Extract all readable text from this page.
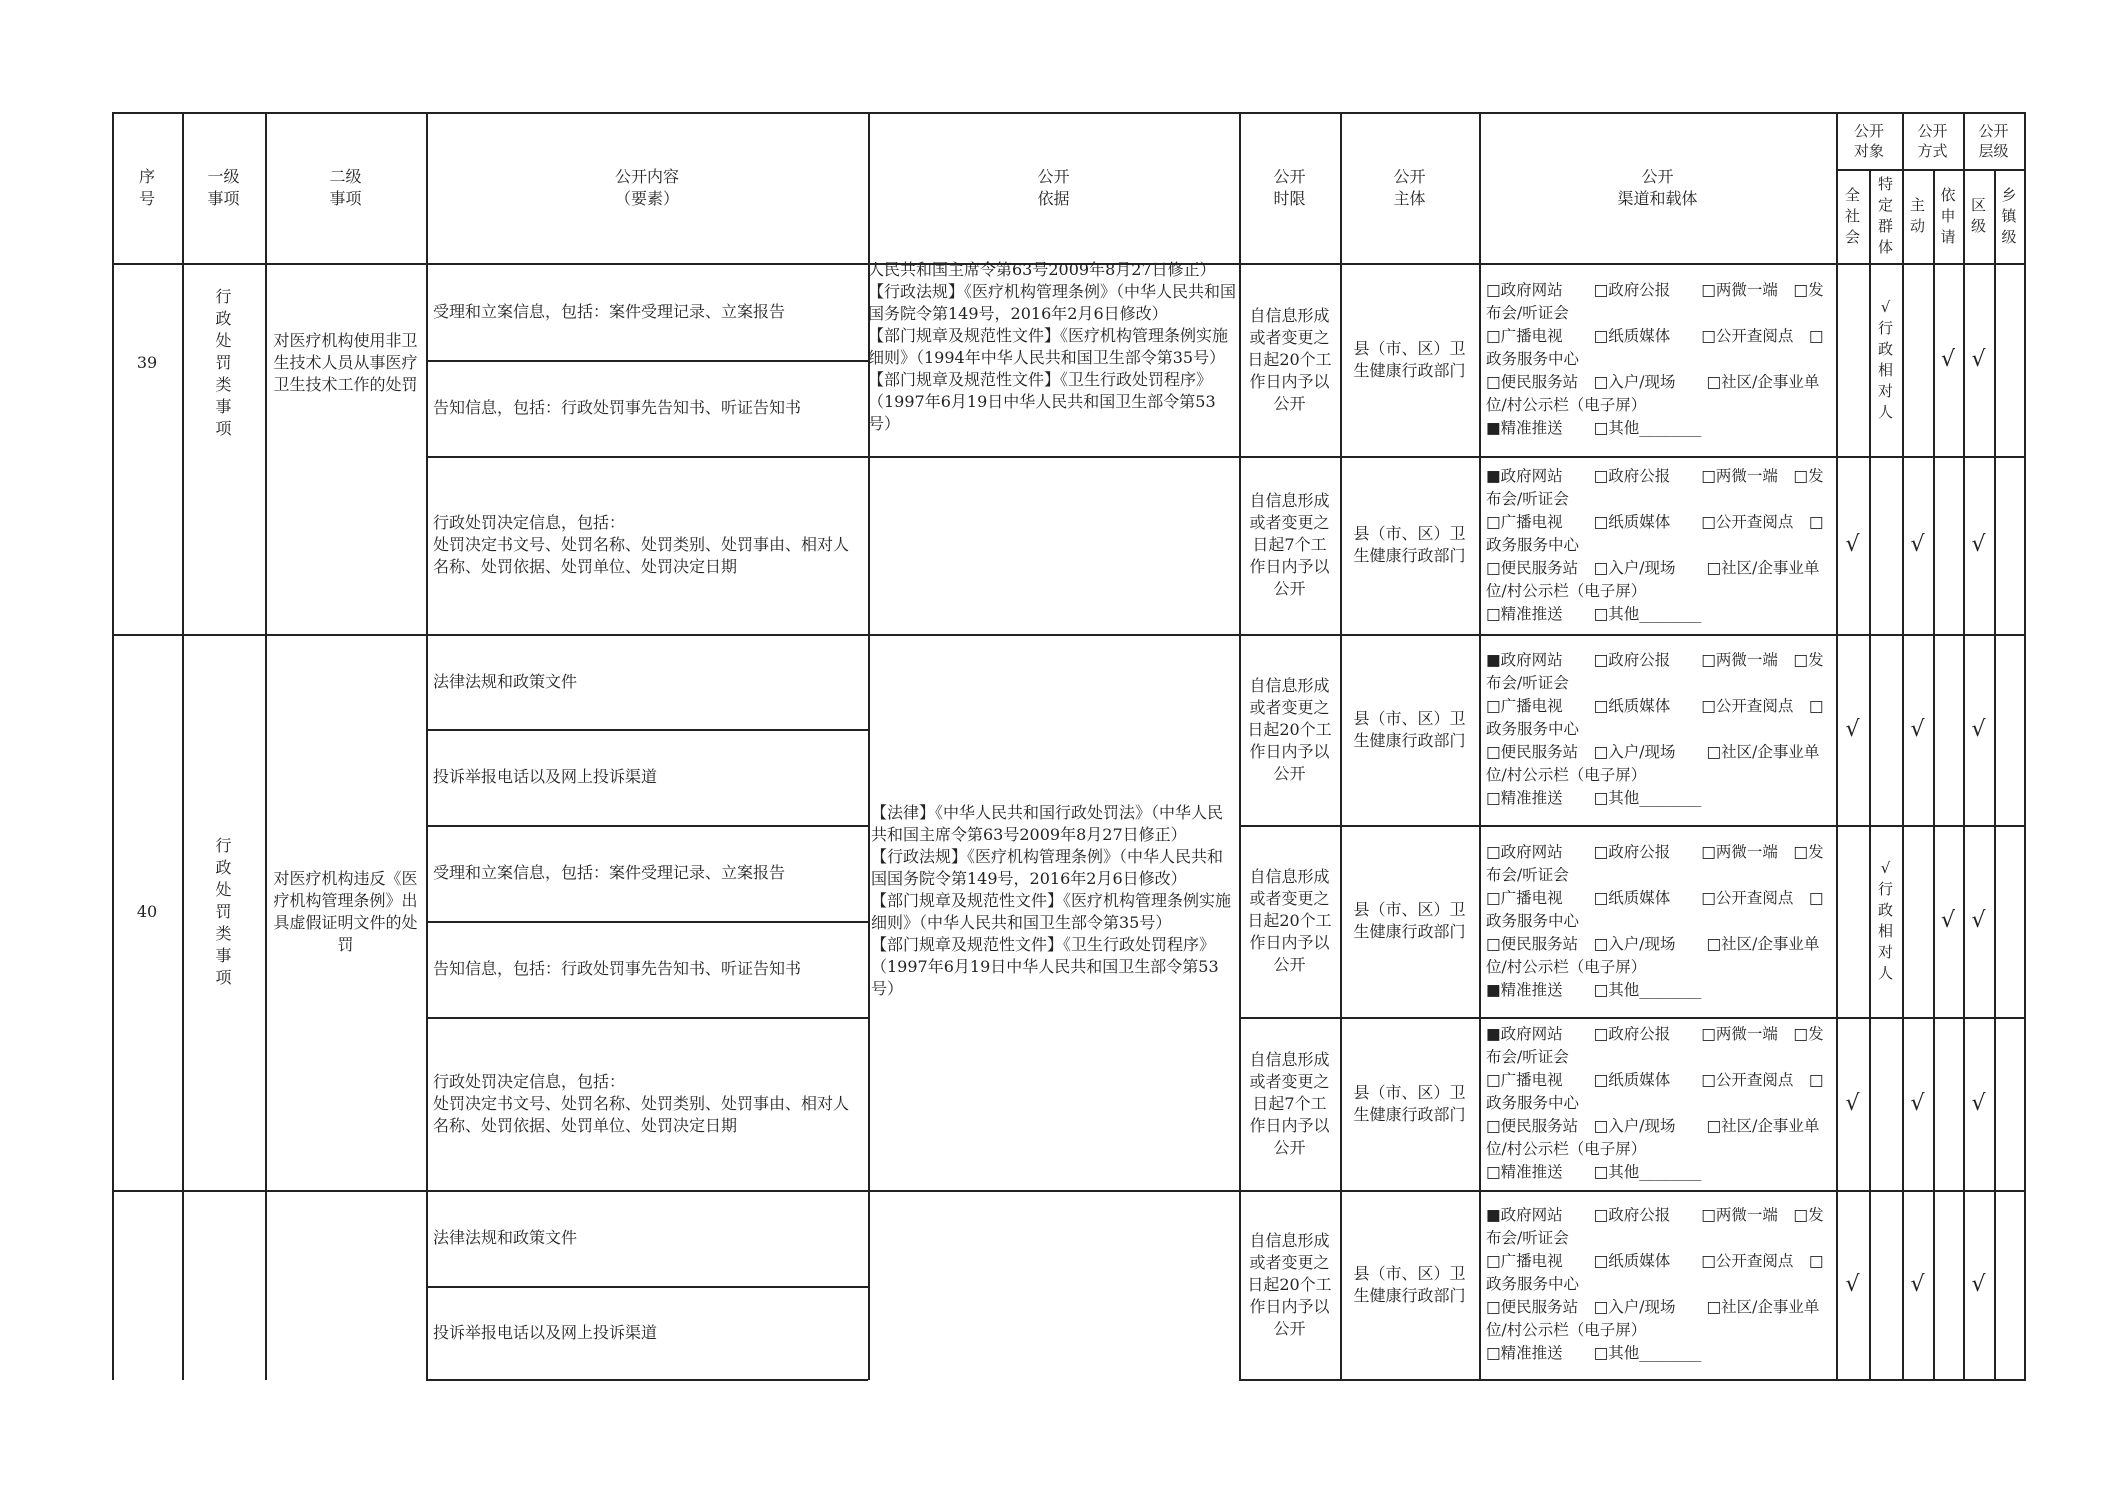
序
号
一级
事项
二级
事项
公开内容
（要素）
公开
依据
公开
时限
公开
主体
公开
渠道和载体
公开
对象
公开
方式
公开
层级
全社会
特定群体
主动
依申请
区级
乡镇级
39
行政处罚类事项
对医疗机构使用非卫生技术人员从事医疗卫生技术工作的处罚
受理和立案信息，包括：案件受理记录、立案报告
告知信息，包括：行政处罚事先告知书、听证告知书
行政处罚决定信息，包括：
处罚决定书文号、处罚名称、处罚类别、处罚事由、相对人名称、处罚依据、处罚单位、处罚决定日期
人民共和国主席令第63号2009年8月27日修正）
【行政法规】《医疗机构管理条例》（中华人民共和国国务院令第149号，2016年2月6日修改）
【部门规章及规范性文件】《医疗机构管理条例实施细则》（1994年中华人民共和国卫生部令第35号）
【部门规章及规范性文件】《卫生行政处罚程序》（1997年6月19日中华人民共和国卫生部令第53号）
自信息形成或者变更之日起20个工作日内予以公开
县（市、区）卫生健康行政部门
□政府网站　　□政府公报　　□两微一端　□发布会/听证会
□广播电视　　□纸质媒体　　□公开查阅点　□政务服务中心
□便民服务站　□入户/现场　　□社区/企事业单位/村公示栏（电子屏）
■精准推送　　□其他________
√
行政相对人
√ √
自信息形成或者变更之日起7个工作日内予以公开
县（市、区）卫生健康行政部门
■政府网站　　□政府公报　　□两微一端　□发布会/听证会
□广播电视　　□纸质媒体　　□公开查阅点　□政务服务中心
□便民服务站　□入户/现场　　□社区/企事业单位/村公示栏（电子屏）
□精准推送　　□其他________
√ √ √
40
行政处罚类事项
对医疗机构违反《医疗机构管理条例》出具虚假证明文件的处罚
法律法规和政策文件
投诉举报电话以及网上投诉渠道
受理和立案信息，包括：案件受理记录、立案报告
告知信息，包括：行政处罚事先告知书、听证告知书
行政处罚决定信息，包括：
处罚决定书文号、处罚名称、处罚类别、处罚事由、相对人名称、处罚依据、处罚单位、处罚决定日期
【法律】《中华人民共和国行政处罚法》（中华人民共和国主席令第63号2009年8月27日修正）
【行政法规】《医疗机构管理条例》（中华人民共和国国务院令第149号，2016年2月6日修改）
【部门规章及规范性文件】《医疗机构管理条例实施细则》（中华人民共和国卫生部令第35号）
【部门规章及规范性文件】《卫生行政处罚程序》（1997年6月19日中华人民共和国卫生部令第53号）
自信息形成或者变更之日起20个工作日内予以公开
县（市、区）卫生健康行政部门
■政府网站　　□政府公报　　□两微一端　□发布会/听证会
□广播电视　　□纸质媒体　　□公开查阅点　□政务服务中心
□便民服务站　□入户/现场　　□社区/企事业单位/村公示栏（电子屏）
□精准推送　　□其他________
√ √ √
自信息形成或者变更之日起20个工作日内予以公开
县（市、区）卫生健康行政部门
□政府网站　　□政府公报　　□两微一端　□发布会/听证会
□广播电视　　□纸质媒体　　□公开查阅点　□政务服务中心
□便民服务站　□入户/现场　　□社区/企事业单位/村公示栏（电子屏）
■精准推送　　□其他________
√
行政相对人
√ √
自信息形成或者变更之日起7个工作日内予以公开
县（市、区）卫生健康行政部门
■政府网站　　□政府公报　　□两微一端　□发布会/听证会
□广播电视　　□纸质媒体　　□公开查阅点　□政务服务中心
□便民服务站　□入户/现场　　□社区/企事业单位/村公示栏（电子屏）
□精准推送　　□其他________
√ √ √
法律法规和政策文件
投诉举报电话以及网上投诉渠道
自信息形成或者变更之日起20个工作日内予以公开
县（市、区）卫生健康行政部门
■政府网站　　□政府公报　　□两微一端　□发布会/听证会
□广播电视　　□纸质媒体　　□公开查阅点　□政务服务中心
□便民服务站　□入户/现场　　□社区/企事业单位/村公示栏（电子屏）
□精准推送　　□其他________
√ √ √
